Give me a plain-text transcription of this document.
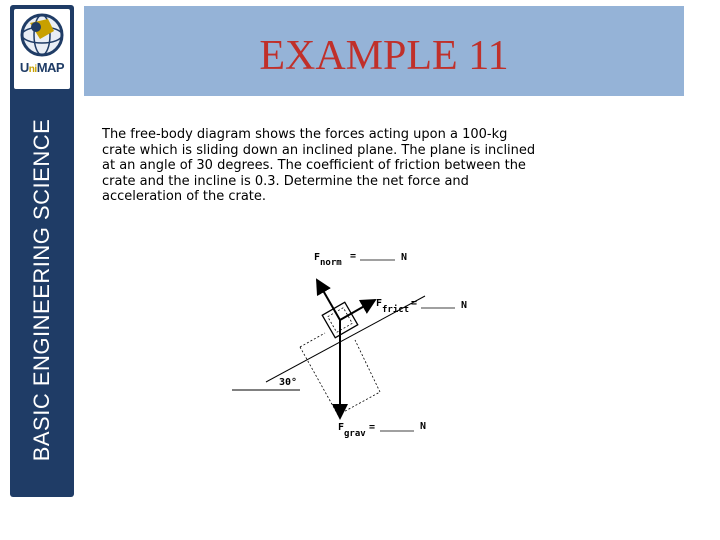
UniMAP
BASIC ENGINEERING SCIENCE
EXAMPLE 11
The free-body diagram shows the forces acting upon a 100-kg crate which is sliding down an inclined plane. The plane is inclined at an angle of 30 degrees. The coefficient of friction between the crate and the incline is 0.3. Determine the net force and acceleration of the crate.
F norm
=	N
F
frict
=	N
F
grav
=	N
30°
